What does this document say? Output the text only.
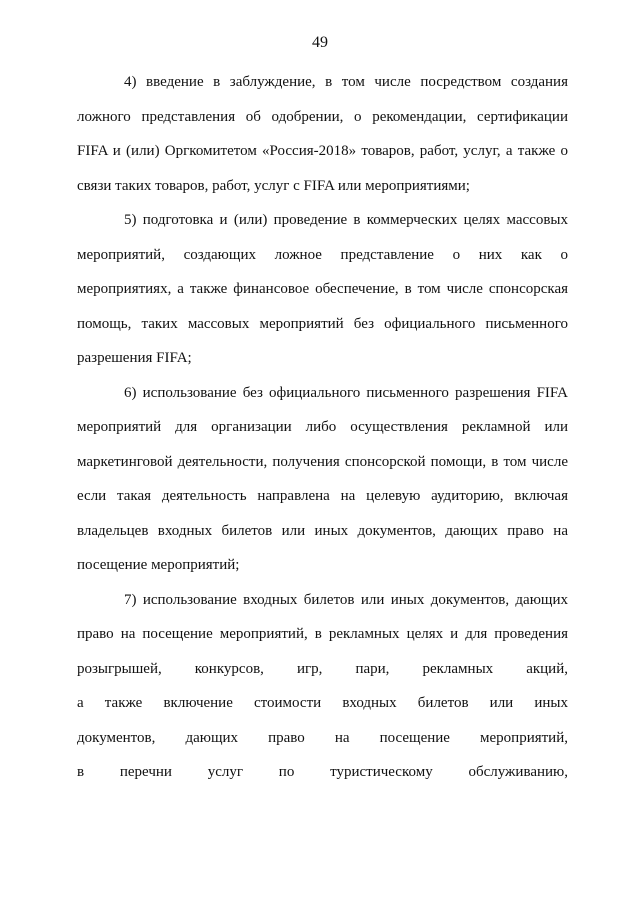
49
4) введение в заблуждение, в том числе посредством создания
ложного представления об одобрении, о рекомендации, сертификации
FIFA и (или) Оргкомитетом «Россия-2018» товаров, работ, услуг, а также о
связи таких товаров, работ, услуг с FIFA или мероприятиями;
5) подготовка и (или) проведение в коммерческих целях массовых
мероприятий, создающих ложное представление о них как о
мероприятиях, а также финансовое обеспечение, в том числе спонсорская
помощь, таких массовых мероприятий без официального письменного
разрешения FIFA;
6) использование без официального письменного разрешения FIFA
мероприятий для организации либо осуществления рекламной или
маркетинговой деятельности, получения спонсорской помощи, в том числе
если такая деятельность направлена на целевую аудиторию, включая
владельцев входных билетов или иных документов, дающих право на
посещение мероприятий;
7) использование входных билетов или иных документов, дающих
право на посещение мероприятий, в рекламных целях и для проведения
розыгрышей, конкурсов, игр, пари, рекламных акций,
а также включение стоимости входных билетов или иных
документов, дающих право на посещение мероприятий,
в перечни услуг по туристическому обслуживанию,
